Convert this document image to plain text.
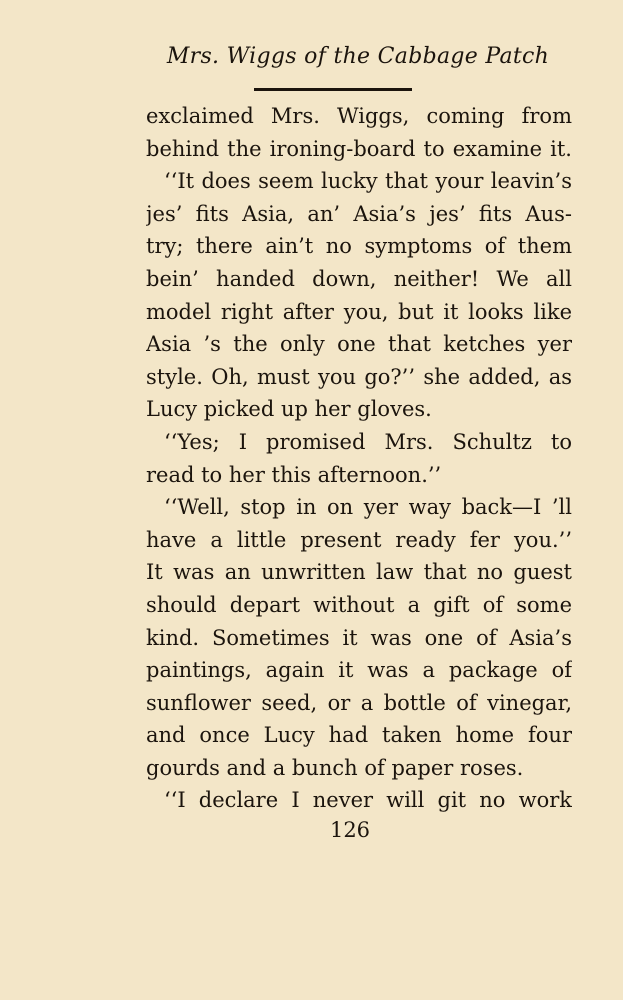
Mrs. Wiggs of the Cabbage Patch
exclaimed Mrs. Wiggs, coming from
behind the ironing-board to examine it.
‘‘It does seem lucky that your leavin’s
jes’ fits Asia, an’ Asia’s jes’ fits Aus-
try; there ain’t no symptoms of them
bein’ handed down, neither! We all
model right after you, but it looks like
Asia ’s the only one that ketches yer
style. Oh, must you go?’’ she added, as
Lucy picked up her gloves.
‘‘Yes; I promised Mrs. Schultz to
read to her this afternoon.’’
‘‘Well, stop in on yer way back—I ’ll
have a little present ready fer you.’’
It was an unwritten law that no guest
should depart without a gift of some
kind. Sometimes it was one of Asia’s
paintings, again it was a package of
sunflower seed, or a bottle of vinegar,
and once Lucy had taken home four
gourds and a bunch of paper roses.
‘‘I declare I never will git no work
126
